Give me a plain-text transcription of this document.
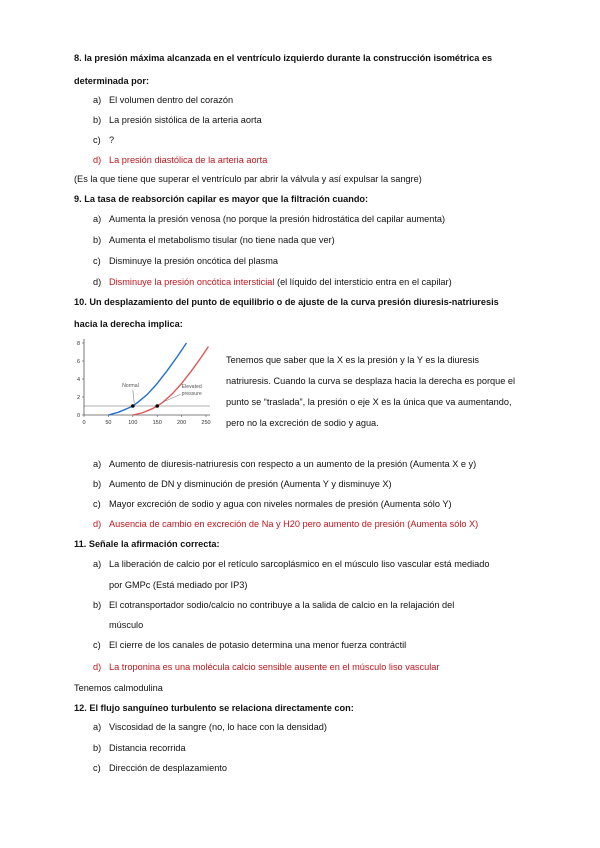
8. la presión máxima alcanzada en el ventrículo izquierdo durante la construcción isométrica es
determinada por:
a) El volumen dentro del corazón
b) La presión sistólica de la arteria aorta
c) ?
d) La presión diastólica de la arteria aorta
(Es la que tiene que superar el ventrículo par abrir la válvula y así expulsar la sangre)
9. La tasa de reabsorción capilar es mayor que la filtración cuando:
a) Aumenta la presión venosa (no porque la presión hidrostática del capilar aumenta)
b) Aumenta el metabolismo tisular (no tiene nada que ver)
c) Disminuye la presión oncótica del plasma
d) Disminuye la presión oncótica intersticial (el líquido del intersticio entra en el capilar)
10. Un desplazamiento del punto de equilibrio o de ajuste de la curva presión diuresis-natriuresis
hacia la derecha implica:
0
2
4
6
8
0	50	100	150	200	250
Normal	Elevated
pressure
Tenemos que saber que la X es la presión y la Y es la diuresis natriuresis. Cuando la curva se desplaza hacia la derecha es porque el punto se “traslada”, la presión o eje X es la única que va aumentando, pero no la excreción de sodio y agua.
a) Aumento de diuresis-natriuresis con respecto a un aumento de la presión (Aumenta X e y)
b) Aumento de DN y disminución de presión (Aumenta Y y disminuye X)
c) Mayor excreción de sodio y agua con niveles normales de presión (Aumenta sólo Y)
d) Ausencia de cambio en excreción de Na y H20 pero aumento de presión (Aumenta sólo X)
11. Señale la afirmación correcta:
a) La liberación de calcio por el retículo sarcoplásmico en el músculo liso vascular está mediado
por GMPc (Está mediado por IP3)
b) El cotransportador sodio/calcio no contribuye a la salida de calcio en la relajación del
músculo
c) El cierre de los canales de potasio determina una menor fuerza contráctil
d) La troponina es una molécula calcio sensible ausente en el músculo liso vascular
Tenemos calmodulina
12. El flujo sanguíneo turbulento se relaciona directamente con:
a) Viscosidad de la sangre (no, lo hace con la densidad)
b) Distancia recorrida
c) Dirección de desplazamiento
